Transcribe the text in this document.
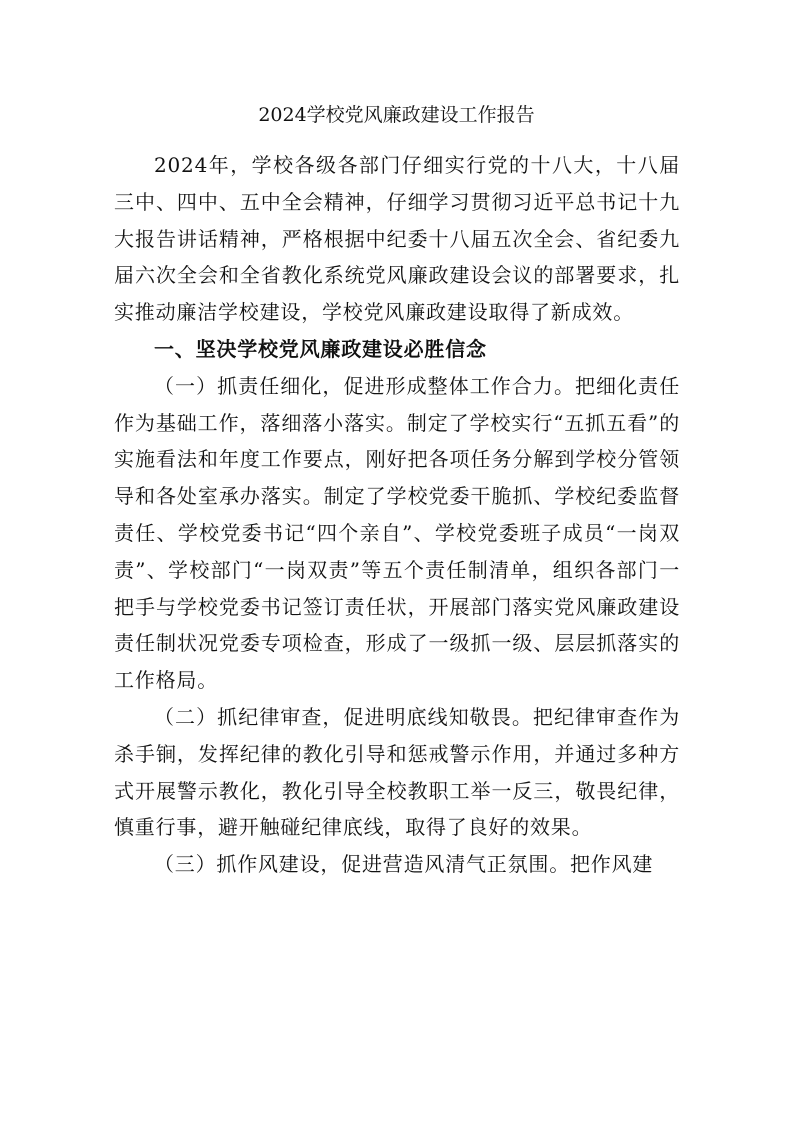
2024学校党风廉政建设工作报告

2024年，学校各级各部门仔细实行党的十八大，十八届三中、四中、五中全会精神，仔细学习贯彻习近平总书记十九大报告讲话精神，严格根据中纪委十八届五次全会、省纪委九届六次全会和全省教化系统党风廉政建设会议的部署要求，扎实推动廉洁学校建设，学校党风廉政建设取得了新成效。

一、坚决学校党风廉政建设必胜信念

（一）抓责任细化，促进形成整体工作合力。把细化责任作为基础工作，落细落小落实。制定了学校实行“五抓五看”的实施看法和年度工作要点，刚好把各项任务分解到学校分管领导和各处室承办落实。制定了学校党委干脆抓、学校纪委监督责任、学校党委书记“四个亲自”、学校党委班子成员“一岗双责”、学校部门“一岗双责”等五个责任制清单，组织各部门一把手与学校党委书记签订责任状，开展部门落实党风廉政建设责任制状况党委专项检查，形成了一级抓一级、层层抓落实的工作格局。

（二）抓纪律审查，促进明底线知敬畏。把纪律审查作为杀手锏，发挥纪律的教化引导和惩戒警示作用，并通过多种方式开展警示教化，教化引导全校教职工举一反三，敬畏纪律，慎重行事，避开触碰纪律底线，取得了良好的效果。

（三）抓作风建设，促进营造风清气正氛围。把作风建
